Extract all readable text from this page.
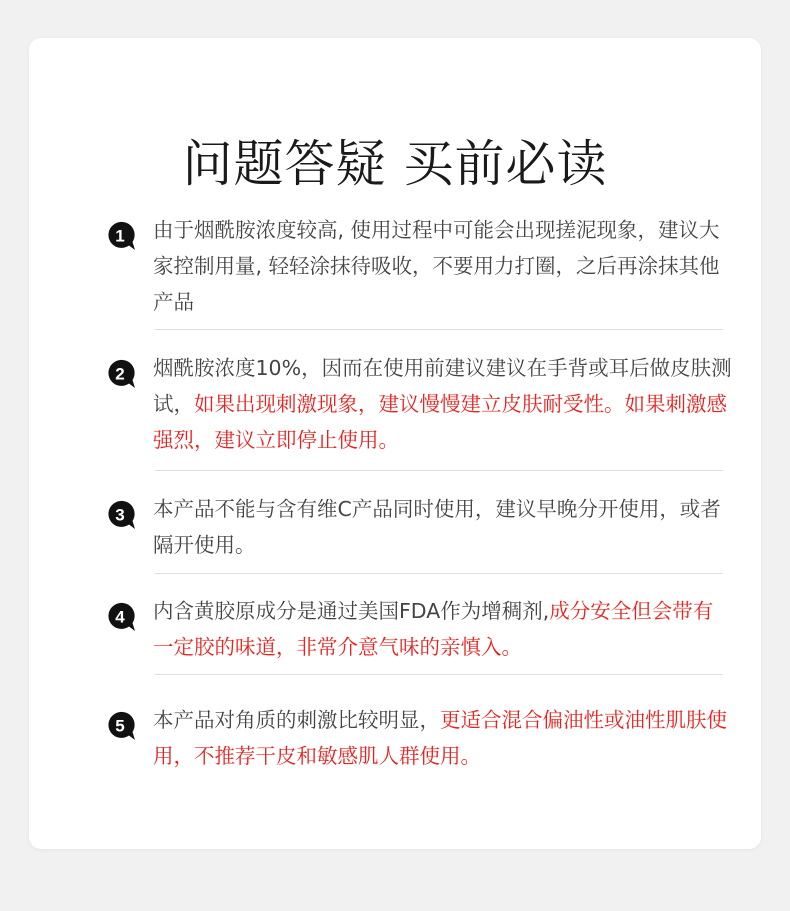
问题答疑 买前必读
1 由于烟酰胺浓度较高, 使用过程中可能会出现搓泥现象，建议大家控制用量, 轻轻涂抹待吸收，不要用力打圈，之后再涂抹其他产品
2 烟酰胺浓度10%，因而在使用前建议建议在手背或耳后做皮肤测试，如果出现刺激现象，建议慢慢建立皮肤耐受性。如果刺激感强烈，建议立即停止使用。
3 本产品不能与含有维C产品同时使用，建议早晚分开使用，或者隔开使用。
4 内含黄胶原成分是通过美国FDA作为增稠剂,成分安全但会带有一定胶的味道，非常介意气味的亲慎入。
5 本产品对角质的刺激比较明显，更适合混合偏油性或油性肌肤使用，不推荐干皮和敏感肌人群使用。
